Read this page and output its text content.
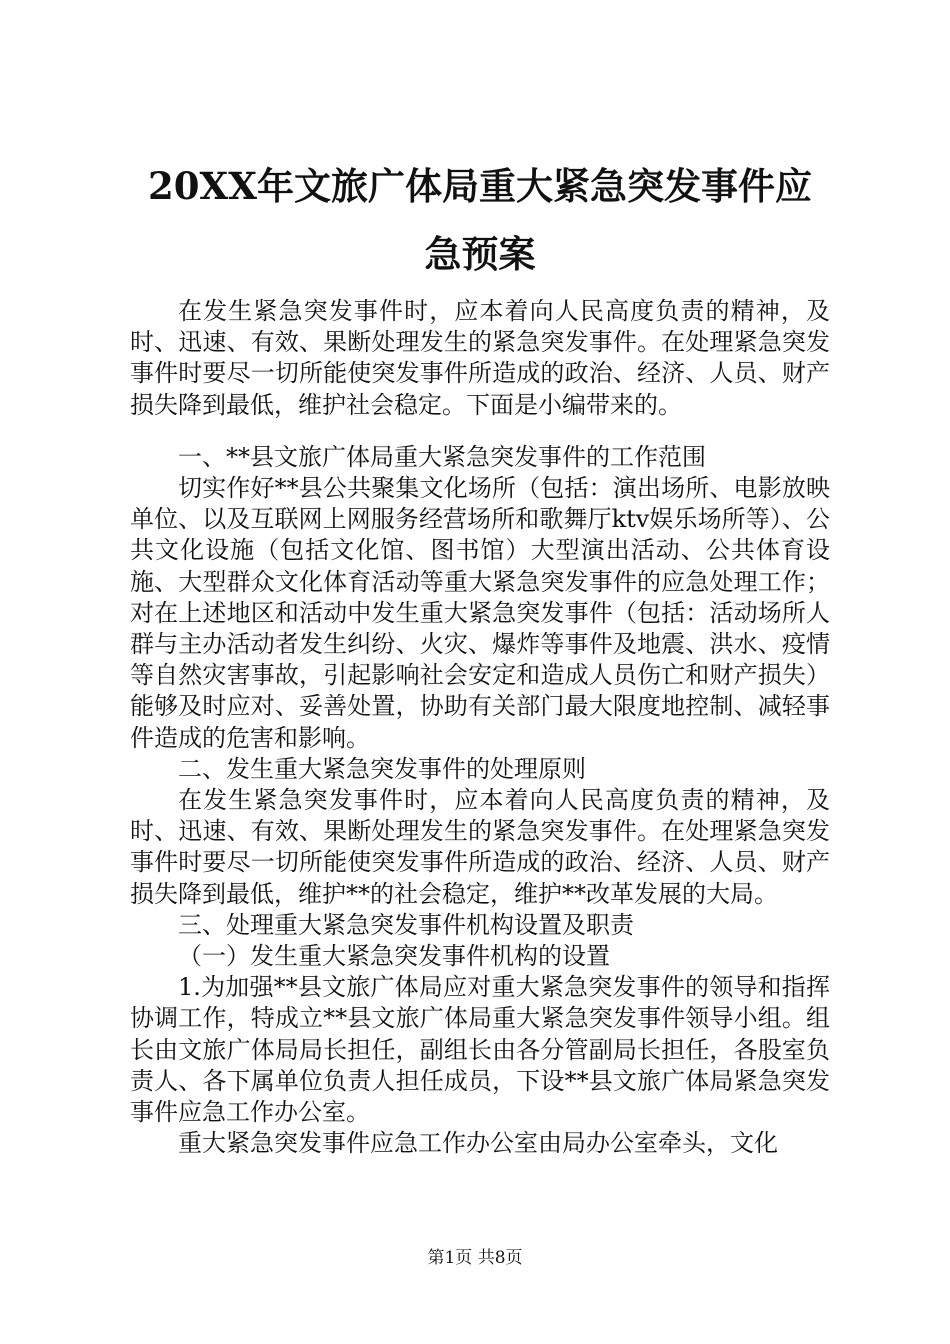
20XX年文旅广体局重大紧急突发事件应急预案

在发生紧急突发事件时，应本着向人民高度负责的精神，及时、迅速、有效、果断处理发生的紧急突发事件。在处理紧急突发事件时要尽一切所能使突发事件所造成的政治、经济、人员、财产损失降到最低，维护社会稳定。下面是小编带来的。

一、**县文旅广体局重大紧急突发事件的工作范围

切实作好**县公共聚集文化场所（包括：演出场所、电影放映单位、以及互联网上网服务经营场所和歌舞厅ktv娱乐场所等）、公共文化设施（包括文化馆、图书馆）大型演出活动、公共体育设施、大型群众文化体育活动等重大紧急突发事件的应急处理工作；对在上述地区和活动中发生重大紧急突发事件（包括：活动场所人群与主办活动者发生纠纷、火灾、爆炸等事件及地震、洪水、疫情等自然灾害事故，引起影响社会安定和造成人员伤亡和财产损失）能够及时应对、妥善处置，协助有关部门最大限度地控制、减轻事件造成的危害和影响。

二、发生重大紧急突发事件的处理原则

在发生紧急突发事件时，应本着向人民高度负责的精神，及时、迅速、有效、果断处理发生的紧急突发事件。在处理紧急突发事件时要尽一切所能使突发事件所造成的政治、经济、人员、财产损失降到最低，维护**的社会稳定，维护**改革发展的大局。

三、处理重大紧急突发事件机构设置及职责

（一）发生重大紧急突发事件机构的设置

1.为加强**县文旅广体局应对重大紧急突发事件的领导和指挥协调工作，特成立**县文旅广体局重大紧急突发事件领导小组。组长由文旅广体局局长担任，副组长由各分管副局长担任，各股室负责人、各下属单位负责人担任成员，下设**县文旅广体局紧急突发事件应急工作办公室。

重大紧急突发事件应急工作办公室由局办公室牵头，文化

第1页 共8页
